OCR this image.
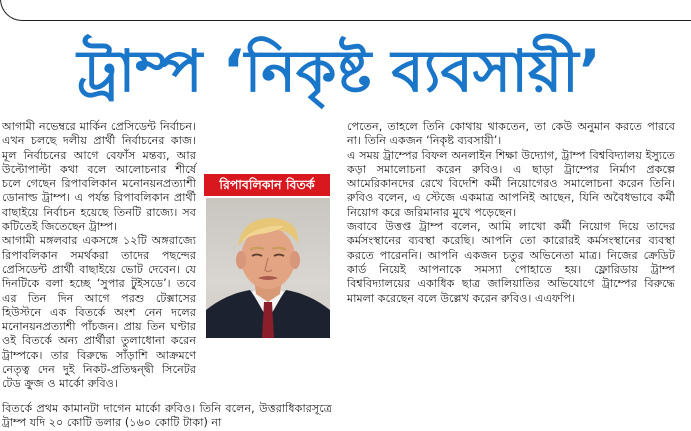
ট্রাম্প ‘নিকৃষ্ট ব্যবসায়ী’
রিপাবলিকান বিতর্ক

আগামী নভেম্বরে মার্কিন প্রেসিডেন্ট নির্বাচন। এখন চলছে দলীয় প্রার্থী নির্বাচনের কাজ। মূল নির্বাচনের আগে বেফাঁস মন্তব্য, আর উল্টোপাল্টা কথা বলে আলোচনার শীর্ষে চলে গেছেন রিপাবলিকান মনোনয়নপ্রত্যাশী ডোনাল্ড ট্রাম্প। এ পর্যন্ত রিপাবলিকান প্রার্থী বাছাইয়ে নির্বাচন হয়েছে তিনটি রাজ্যে। সব কটিতেই জিতেছেন ট্রাম্প।

আগামী মঙ্গলবার একসঙ্গে ১২টি অঙ্গরাজ্যে রিপাবলিকান সমর্থকরা তাদের পছন্দের প্রেসিডেন্ট প্রার্থী বাছাইয়ে ভোট দেবেন। যে দিনটিকে বলা হচ্ছে ‘সুপার টুইসডে’। তবে এর তিন দিন আগে পরশু টেক্সাসের হিউস্টনে এক বিতর্কে অংশ নেন দলের মনোনয়নপ্রত্যাশী পাঁচজন। প্রায় তিন ঘণ্টার ওই বিতর্কে অন্য প্রার্থীরা তুলাধোনা করেন ট্রাম্পকে। তার বিরুদ্ধে সাঁড়াশি আক্রমণে নেতৃত্ব দেন দুই নিকট-প্রতিদ্বন্দ্বী সিনেটর টেড ক্রুজ ও মার্কো রুবিও।

বিতর্কে প্রথম কামানটা দাগেন মার্কো রুবিও। তিনি বলেন, উত্তরাধিকারসূত্রে ট্রাম্প যদি ২০ কোটি ডলার (১৬০ কোটি টাকা) না

পেতেন, তাহলে তিনি কোথায় থাকতেন, তা কেউ অনুমান করতে পারবে না। তিনি একজন ‘নিকৃষ্ট ব্যবসায়ী’।

এ সময় ট্রাম্পের বিফল অনলাইন শিক্ষা উদ্যোগ, ট্রাম্প বিশ্ববিদ্যালয় ইস্যুতে কড়া সমালোচনা করেন রুবিও। এ ছাড়া ট্রাম্পের নির্মাণ প্রকল্পে আমেরিকানদের রেখে বিদেশি কর্মী নিয়োগেরও সমালোচনা করেন তিনি। রুবিও বলেন, এ স্টেজে একমাত্র আপনিই আছেন, যিনি অবৈধভাবে কর্মী নিয়োগ করে জরিমানার মুখে পড়েছেন।

জবাবে উত্তপ্ত ট্রাম্প বলেন, আমি লাখো কর্মী নিয়োগ দিয়ে তাদের কর্মসংস্থানের ব্যবস্থা করেছি। আপনি তো কারোরই কর্মসংস্থানের ব্যবস্থা করতে পারেননি। আপনি একজন চতুর অভিনেতা মাত্র। নিজের ক্রেডিট কার্ড নিয়েই আপনাকে সমস্যা পোহাতে হয়। ফ্লোরিডায় ট্রাম্প বিশ্ববিদ্যালয়ের একাধিক ছাত্র জালিয়াতির অভিযোগে ট্রাম্পের বিরুদ্ধে মামলা করেছেন বলে উল্লেখ করেন রুবিও। এএফপি।
